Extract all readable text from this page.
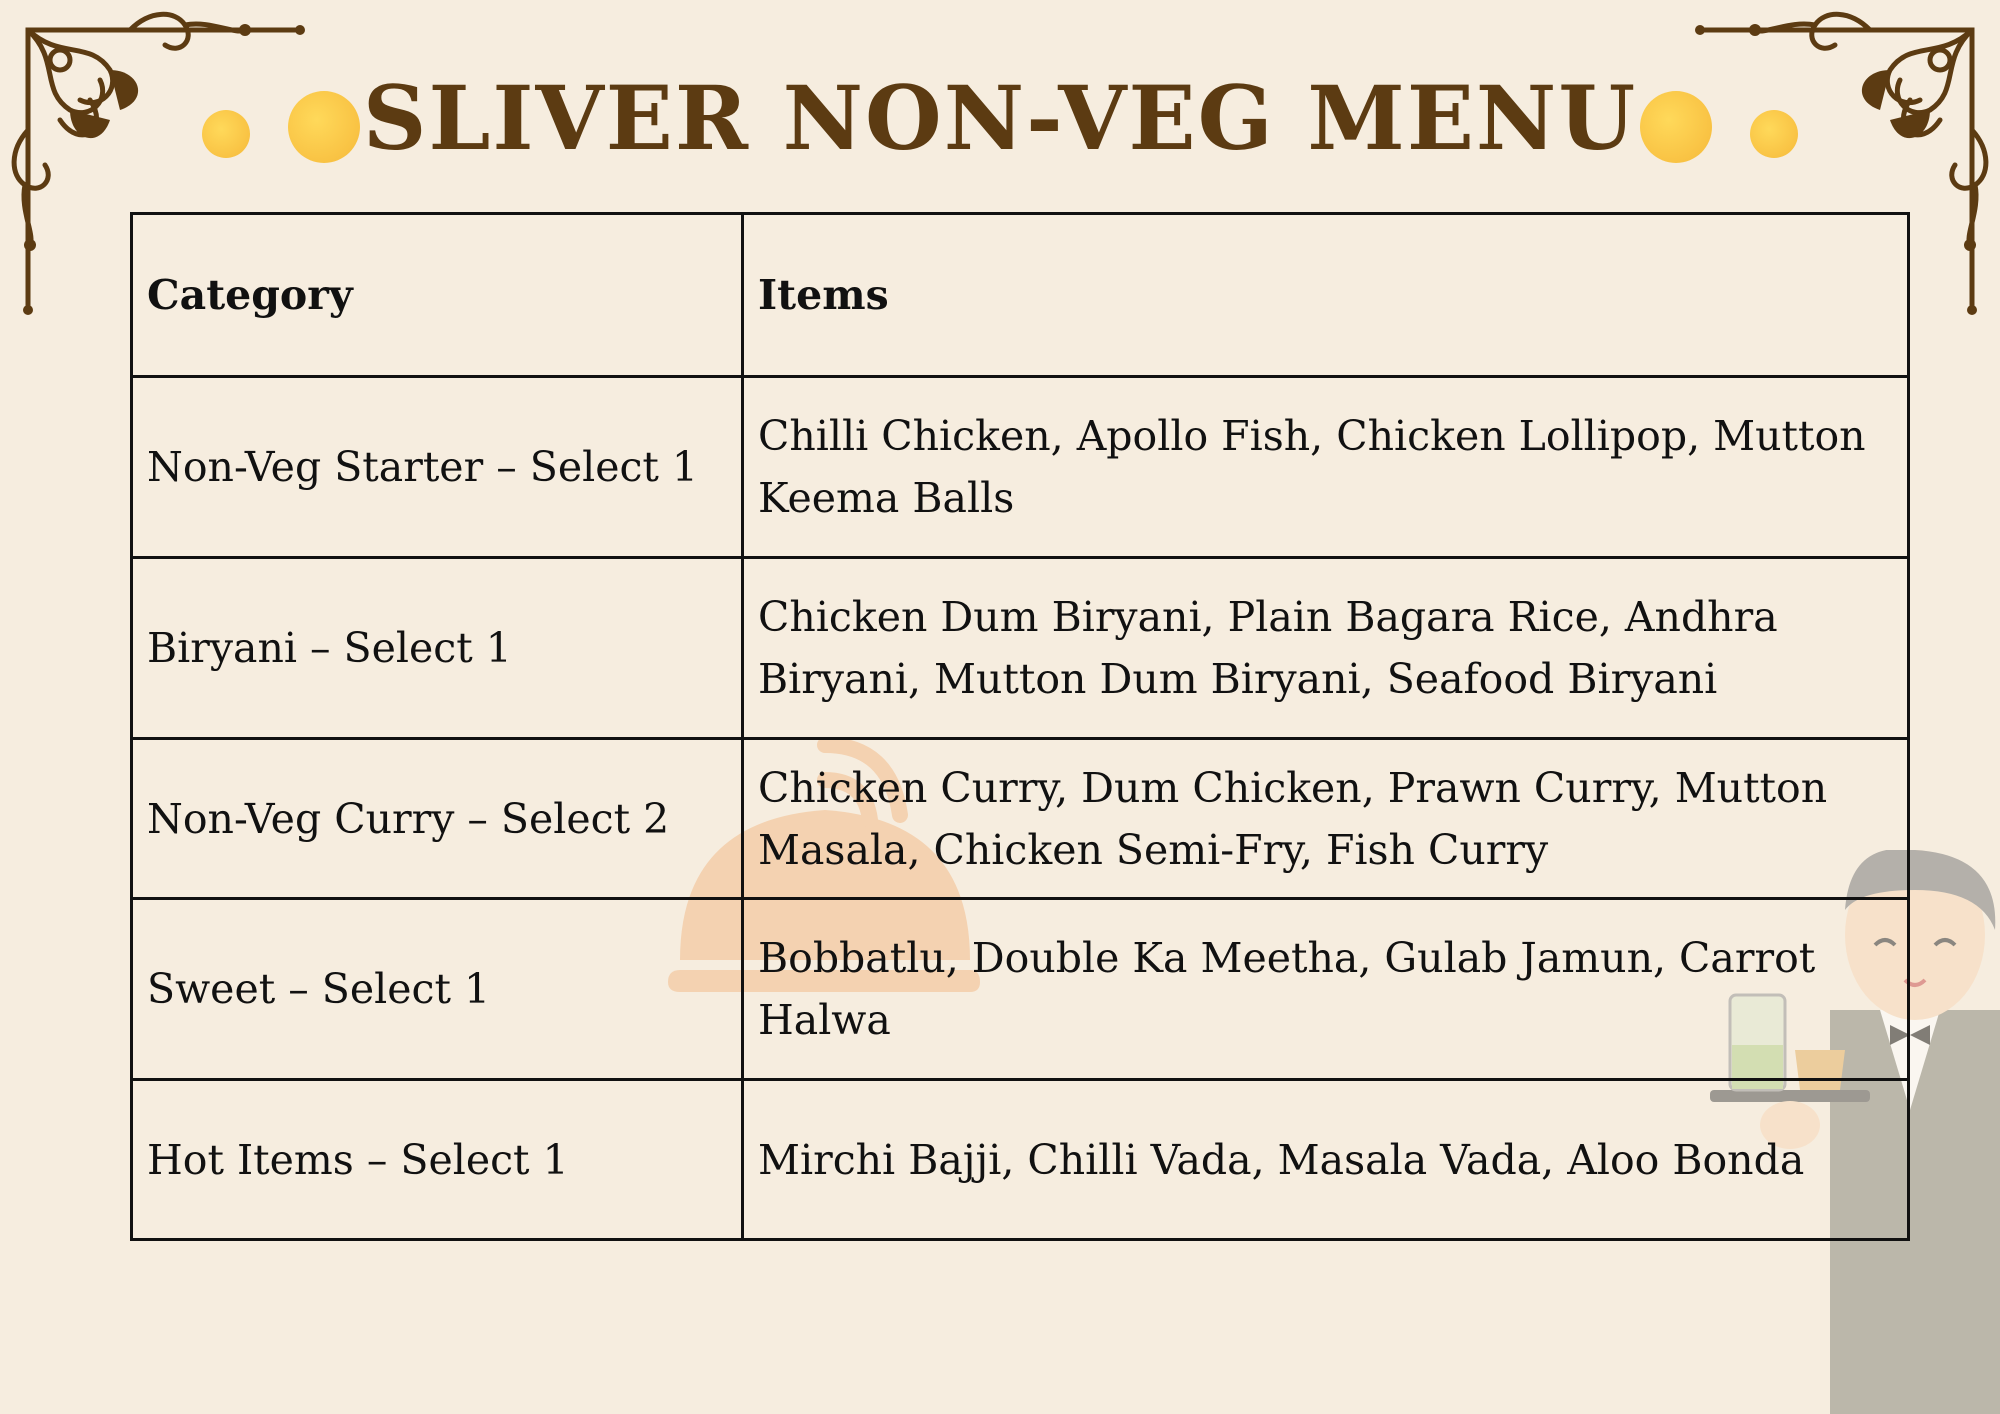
SLIVER NON-VEG MENU
Category	Items
Non-Veg Starter – Select 1	Chilli Chicken, Apollo Fish, Chicken Lollipop, Mutton Keema Balls
Biryani – Select 1	Chicken Dum Biryani, Plain Bagara Rice, Andhra Biryani, Mutton Dum Biryani, Seafood Biryani
Non-Veg Curry – Select 2	Chicken Curry, Dum Chicken, Prawn Curry, Mutton Masala, Chicken Semi-Fry, Fish Curry
Sweet – Select 1	Bobbatlu, Double Ka Meetha, Gulab Jamun, Carrot Halwa
Hot Items – Select 1	Mirchi Bajji, Chilli Vada, Masala Vada, Aloo Bonda
